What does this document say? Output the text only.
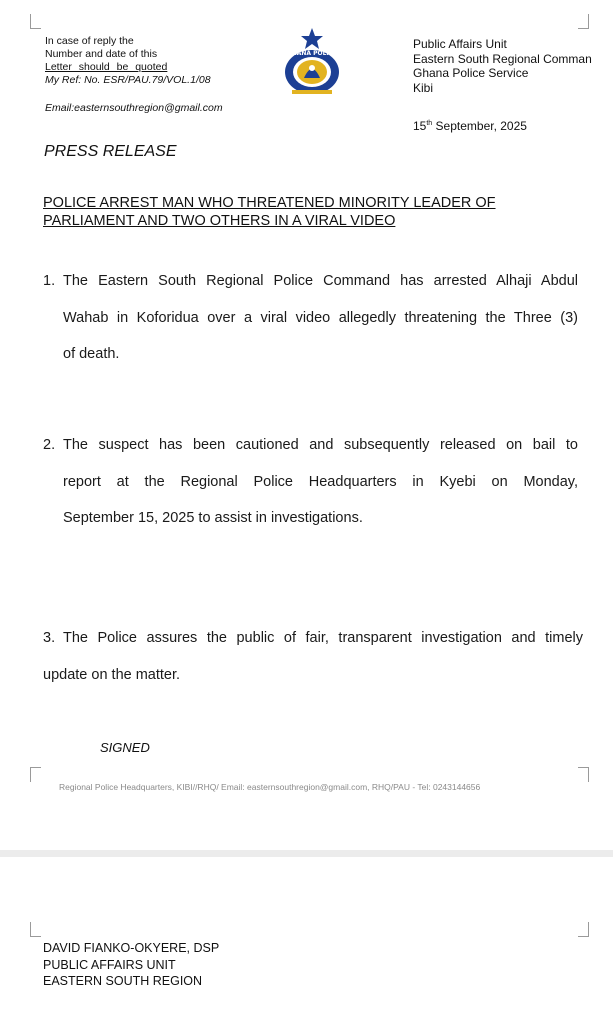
In case of reply the
Number and date of this
Letter should be quoted
My Ref: No. ESR/PAU.79/VOL.1/08
Email:easternsouthregion@gmail.com
GHANA POLICE
Public Affairs Unit
Eastern South Regional Comman
Ghana Police Service
Kibi
15th September, 2025
PRESS RELEASE
POLICE ARREST MAN WHO THREATENED MINORITY LEADER OF PARLIAMENT AND TWO OTHERS IN A VIRAL VIDEO
1. The Eastern South Regional Police Command has arrested Alhaji Abdul
Wahab in Koforidua over a viral video allegedly threatening the Three (3)
of death.
2. The suspect has been cautioned and subsequently released on bail to
report at the Regional Police Headquarters in Kyebi on Monday,
September 15, 2025 to assist in investigations.
3. The Police assures the public of fair, transparent investigation and timely
update on the matter.
SIGNED
Regional Police Headquarters, KIBI//RHQ/ Email: easternsouthregion@gmail.com, RHQ/PAU - Tel: 0243144656
DAVID FIANKO-OKYERE, DSP
PUBLIC AFFAIRS UNIT
EASTERN SOUTH REGION
